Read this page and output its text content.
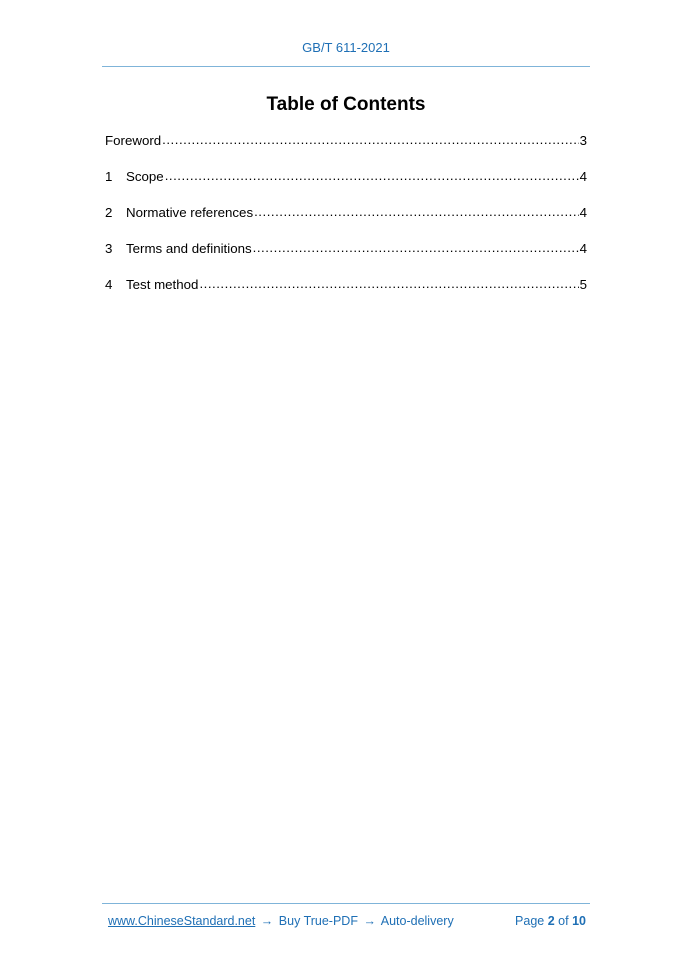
GB/T 611-2021
Table of Contents
Foreword .....	3
1	Scope .....	4
2	Normative references .....	4
3	Terms and definitions .....	4
4	Test method .....	5
www.ChineseStandard.net → Buy True-PDF → Auto-delivery	Page 2 of 10
